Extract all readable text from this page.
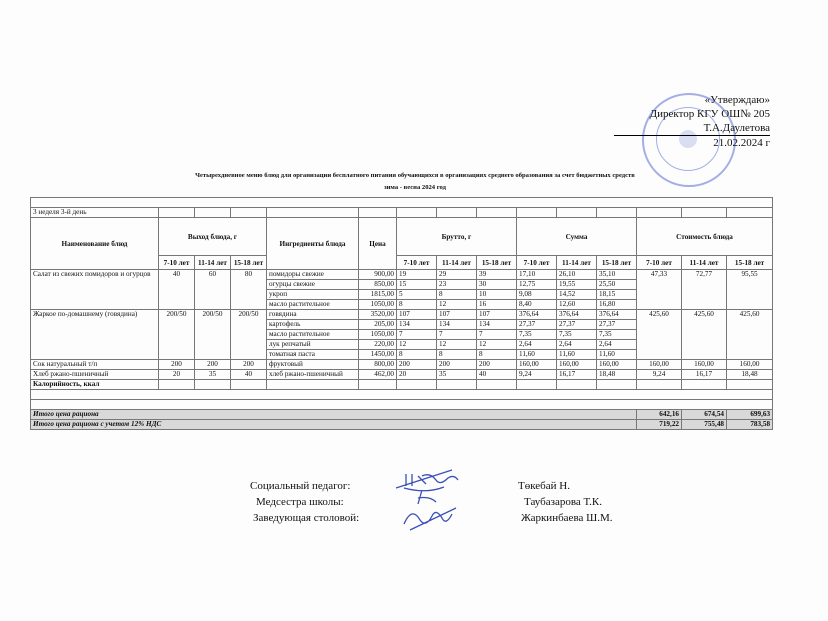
«Утверждаю»
Директор КГУ ОШ№ 205
Т.А.Даулетова
21.02.2024 г
Четырехдневное меню блюд для организации бесплатного питания обучающихся в организациях среднего образования за счет бюджетных средств
зима - весна 2024 год

3 неделя 3-й день														
Наименование блюд	Выход блюда, г			Ингредиенты блюда	Цена	Брутто, г			Сумма			Стоимость блюда		
	7-10 лет	11-14 лет	15-18 лет			7-10 лет	11-14 лет	15-18 лет	7-10 лет	11-14 лет	15-18 лет	7-10 лет	11-14 лет	15-18 лет
Салат из свежих помидоров и огурцов	40	60	80	помидоры свежие	900,00	19	29	39	17,10	26,10	35,10	47,33	72,77	95,55
				огурцы свежие	850,00	15	23	30	12,75	19,55	25,50			
				укроп	1815,00	5	8	10	9,08	14,52	18,15			
				масло растительное	1050,00	8	12	16	8,40	12,60	16,80			
Жаркое по-домашнему (говядина)	200/50	200/50	200/50	говядина	3520,00	107	107	107	376,64	376,64	376,64	425,60	425,60	425,60
				картофель	205,00	134	134	134	27,37	27,37	27,37			
				масло растительное	1050,00	7	7	7	7,35	7,35	7,35			
				лук репчатый	220,00	12	12	12	2,64	2,64	2,64			
				томатная паста	1450,00	8	8	8	11,60	11,60	11,60			
Сок натуральный т/п	200	200	200	фруктовый	800,00	200	200	200	160,00	160,00	160,00	160,00	160,00	160,00
Хлеб ржано-пшеничный	20	35	40	хлеб ржано-пшеничный	462,00	20	35	40	9,24	16,17	18,48	9,24	16,17	18,48
Калорийность, ккал														

Итого цена рациона												642,16	674,54	699,63
Итого цена рациона с учетом 12% НДС												719,22	755,48	783,58
Социальный педагог:	Төкебай Н.
Медсестра школы:	Таубазарова Т.К.
Заведующая столовой:	Жаркинбаева Ш.М.
